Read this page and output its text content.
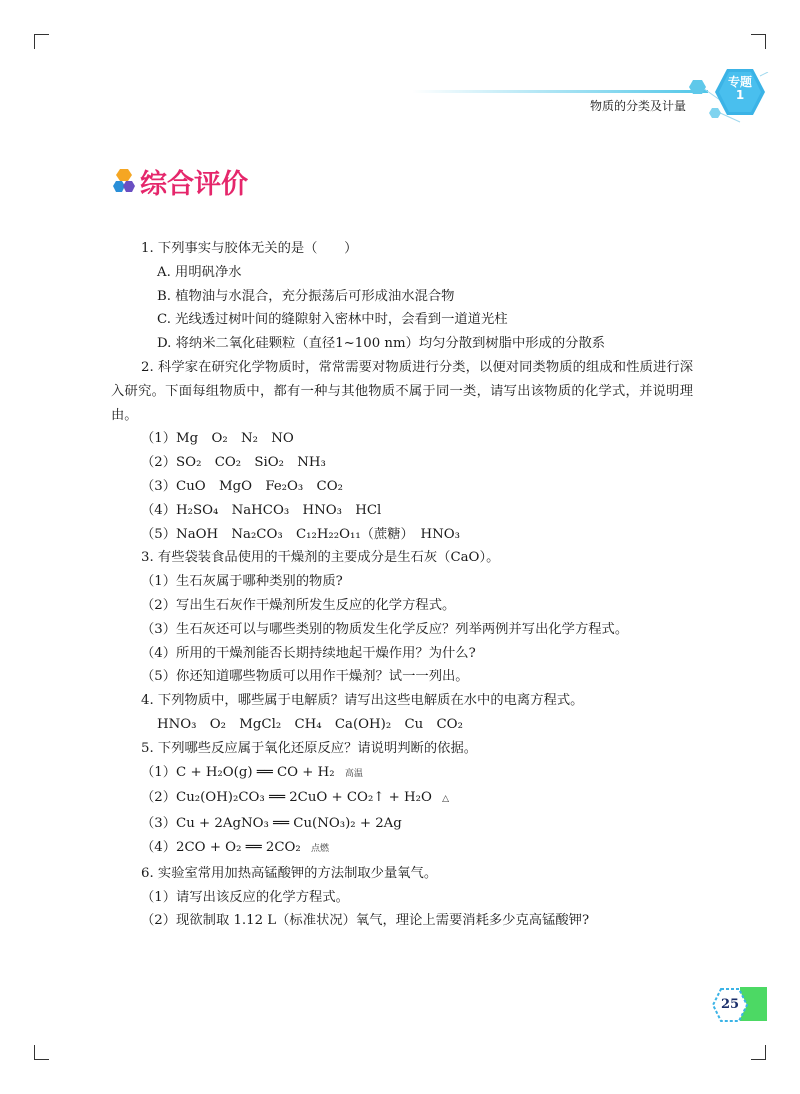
物质的分类及计量
专题
1
综合评价
1. 下列事实与胶体无关的是（　　）
A. 用明矾净水
B. 植物油与水混合，充分振荡后可形成油水混合物
C. 光线透过树叶间的缝隙射入密林中时，会看到一道道光柱
D. 将纳米二氧化硅颗粒（直径1~100 nm）均匀分散到树脂中形成的分散系
2. 科学家在研究化学物质时，常常需要对物质进行分类，以便对同类物质的组成和性质进行深入研究。下面每组物质中，都有一种与其他物质不属于同一类，请写出该物质的化学式，并说明理由。
（1）Mg　O₂　N₂　NO
（2）SO₂　CO₂　SiO₂　NH₃
（3）CuO　MgO　Fe₂O₃　CO₂
（4）H₂SO₄　NaHCO₃　HNO₃　HCl
（5）NaOH　Na₂CO₃　C₁₂H₂₂O₁₁（蔗糖）　HNO₃
3. 有些袋装食品使用的干燥剂的主要成分是生石灰（CaO）。
（1）生石灰属于哪种类别的物质?
（2）写出生石灰作干燥剂所发生反应的化学方程式。
（3）生石灰还可以与哪些类别的物质发生化学反应？列举两例并写出化学方程式。
（4）所用的干燥剂能否长期持续地起干燥作用？为什么?
（5）你还知道哪些物质可以用作干燥剂？试一一列出。
4. 下列物质中，哪些属于电解质？请写出这些电解质在水中的电离方程式。
HNO₃　O₂　MgCl₂　CH₄　Ca(OH)₂　Cu　CO₂
5. 下列哪些反应属于氧化还原反应？请说明判断的依据。
（1）C + H₂O(g) ══ CO + H₂ 高温
（2）Cu₂(OH)₂CO₃ ══ 2CuO + CO₂↑ + H₂O △
（3）Cu + 2AgNO₃ ══ Cu(NO₃)₂ + 2Ag
（4）2CO + O₂ ══ 2CO₂ 点燃
6. 实验室常用加热高锰酸钾的方法制取少量氧气。
（1）请写出该反应的化学方程式。
（2）现欲制取 1.12 L（标准状况）氧气，理论上需要消耗多少克高锰酸钾?
25
